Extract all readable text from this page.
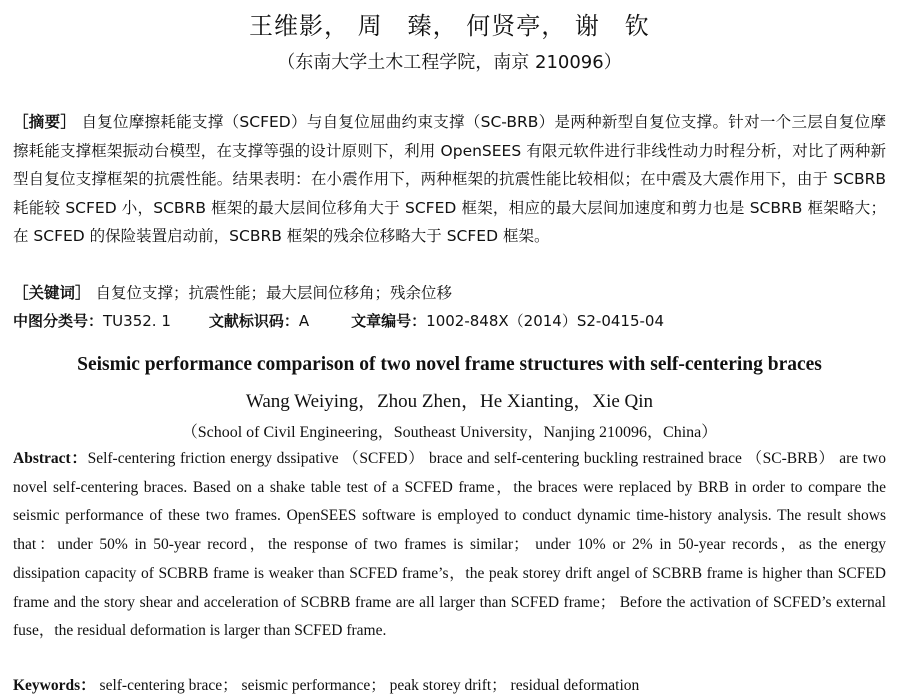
王维影， 周　臻， 何贤亭， 谢　钦
（东南大学土木工程学院，南京 210096）
［摘要］ 自复位摩擦耗能支撑（SCFED）与自复位屈曲约束支撑（SC-BRB）是两种新型自复位支撑。针对一个三层自复位摩擦耗能支撑框架振动台模型，在支撑等强的设计原则下，利用 OpenSEES 有限元软件进行非线性动力时程分析，对比了两种新型自复位支撑框架的抗震性能。结果表明：在小震作用下，两种框架的抗震性能比较相似；在中震及大震作用下，由于 SCBRB 耗能较 SCFED 小，SCBRB 框架的最大层间位移角大于 SCFED 框架，相应的最大层间加速度和剪力也是 SCBRB 框架略大；在 SCFED 的保险装置启动前，SCBRB 框架的残余位移略大于 SCFED 框架。
［关键词］ 自复位支撑；抗震性能；最大层间位移角；残余位移
中图分类号：TU352. 1	文献标识码：A	文章编号：1002-848X（2014）S2-0415-04
Seismic performance comparison of two novel frame structures with self-centering braces
Wang Weiying，Zhou Zhen，He Xianting，Xie Qin
（School of Civil Engineering，Southeast University，Nanjing 210096，China）
Abstract：Self-centering friction energy dssipative （SCFED） brace and self-centering buckling restrained brace （SC-BRB） are two novel self-centering braces. Based on a shake table test of a SCFED frame，the braces were replaced by BRB in order to compare the seismic performance of these two frames. OpenSEES software is employed to conduct dynamic time-history analysis. The result shows that：under 50% in 50-year record，the response of two frames is similar； under 10% or 2% in 50-year records，as the energy dissipation capacity of SCBRB frame is weaker than SCFED frame’s，the peak storey drift angel of SCBRB frame is higher than SCFED frame and the story shear and acceleration of SCBRB frame are all larger than SCFED frame； Before the activation of SCFED’s external fuse，the residual deformation is larger than SCFED frame.
Keywords： self-centering brace； seismic performance； peak storey drift； residual deformation
